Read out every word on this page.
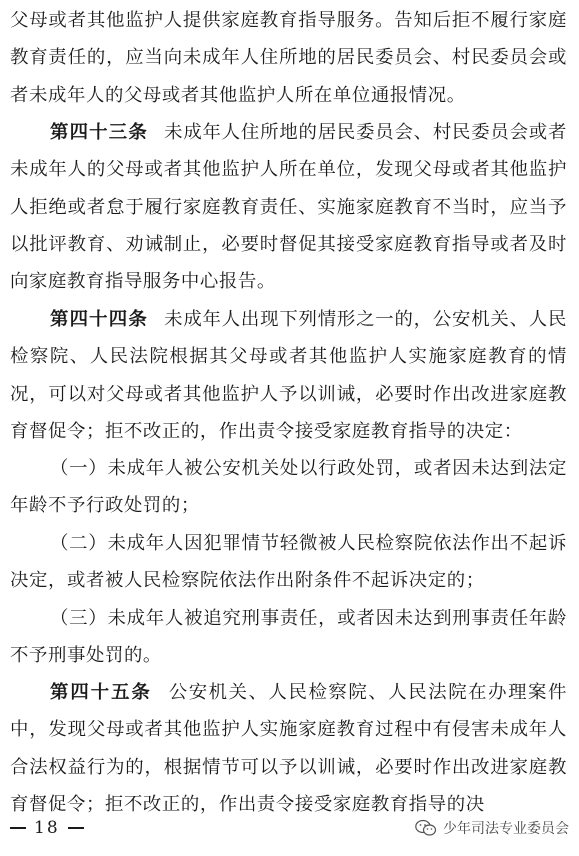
父母或者其他监护人提供家庭教育指导服务。告知后拒不履行家庭教育责任的，应当向未成年人住所地的居民委员会、村民委员会或者未成年人的父母或者其他监护人所在单位通报情况。

第四十三条 未成年人住所地的居民委员会、村民委员会或者未成年人的父母或者其他监护人所在单位，发现父母或者其他监护人拒绝或者怠于履行家庭教育责任、实施家庭教育不当时，应当予以批评教育、劝诫制止，必要时督促其接受家庭教育指导或者及时向家庭教育指导服务中心报告。

第四十四条 未成年人出现下列情形之一的，公安机关、人民检察院、人民法院根据其父母或者其他监护人实施家庭教育的情况，可以对父母或者其他监护人予以训诫，必要时作出改进家庭教育督促令；拒不改正的，作出责令接受家庭教育指导的决定：

（一）未成年人被公安机关处以行政处罚，或者因未达到法定年龄不予行政处罚的；

（二）未成年人因犯罪情节轻微被人民检察院依法作出不起诉决定，或者被人民检察院依法作出附条件不起诉决定的；

（三）未成年人被追究刑事责任，或者因未达到刑事责任年龄不予刑事处罚的。

第四十五条 公安机关、人民检察院、人民法院在办理案件中，发现父母或者其他监护人实施家庭教育过程中有侵害未成年人合法权益行为的，根据情节可以予以训诫，必要时作出改进家庭教育督促令；拒不改正的，作出责令接受家庭教育指导的决

18	少年司法专业委员会
